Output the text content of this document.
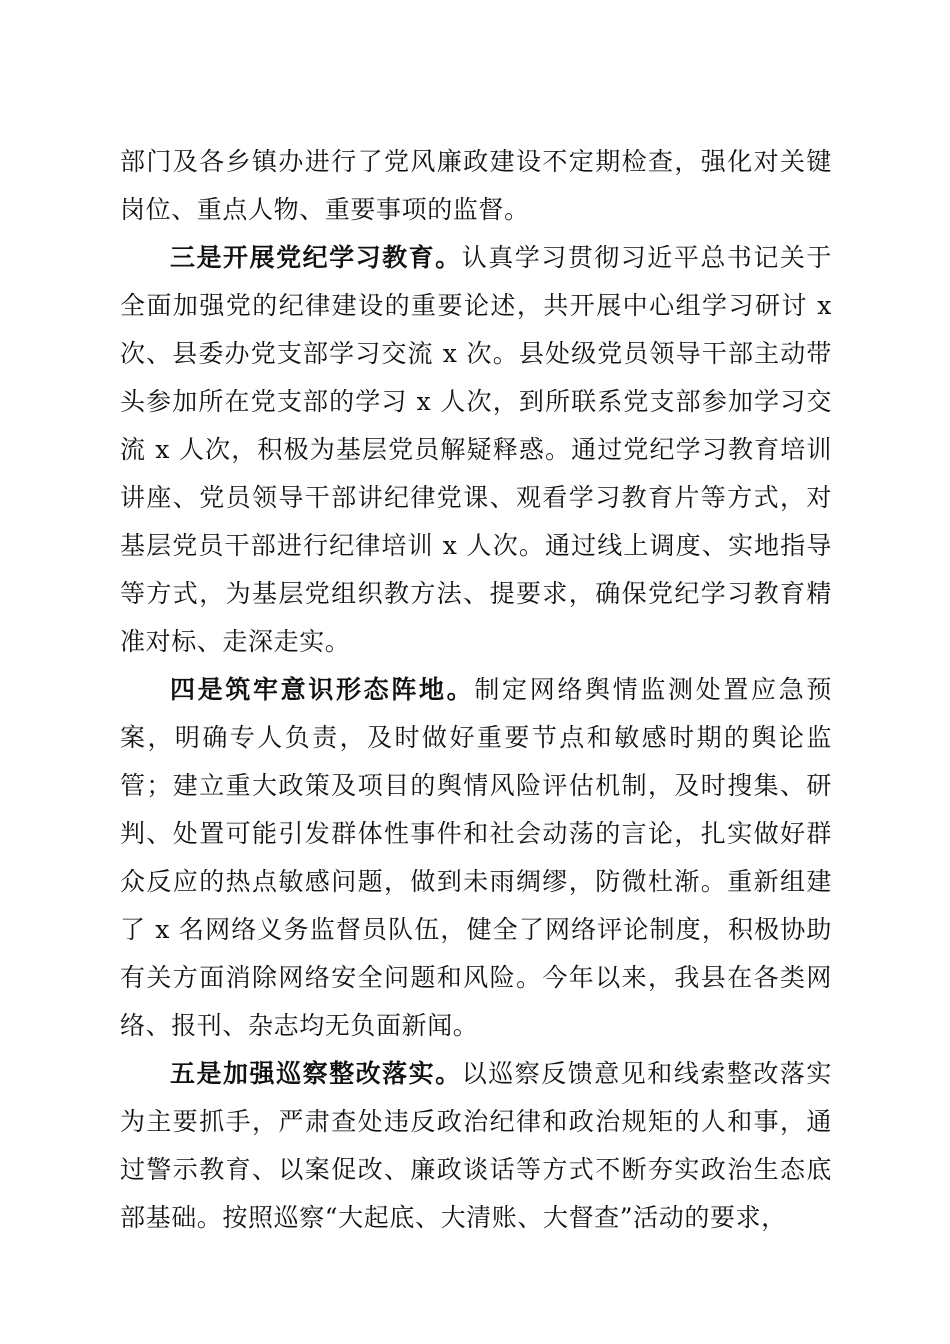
部门及各乡镇办进行了党风廉政建设不定期检查，强化对关键岗位、重点人物、重要事项的监督。

三是开展党纪学习教育。认真学习贯彻习近平总书记关于全面加强党的纪律建设的重要论述，共开展中心组学习研讨 x 次、县委办党支部学习交流 x 次。县处级党员领导干部主动带头参加所在党支部的学习 x 人次，到所联系党支部参加学习交流 x 人次，积极为基层党员解疑释惑。通过党纪学习教育培训讲座、党员领导干部讲纪律党课、观看学习教育片等方式，对基层党员干部进行纪律培训 x 人次。通过线上调度、实地指导等方式，为基层党组织教方法、提要求，确保党纪学习教育精准对标、走深走实。

四是筑牢意识形态阵地。制定网络舆情监测处置应急预案，明确专人负责，及时做好重要节点和敏感时期的舆论监管；建立重大政策及项目的舆情风险评估机制，及时搜集、研判、处置可能引发群体性事件和社会动荡的言论，扎实做好群众反应的热点敏感问题，做到未雨绸缪，防微杜渐。重新组建了 x 名网络义务监督员队伍，健全了网络评论制度，积极协助有关方面消除网络安全问题和风险。今年以来，我县在各类网络、报刊、杂志均无负面新闻。

五是加强巡察整改落实。以巡察反馈意见和线索整改落实为主要抓手，严肃查处违反政治纪律和政治规矩的人和事，通过警示教育、以案促改、廉政谈话等方式不断夯实政治生态底部基础。按照巡察“大起底、大清账、大督查”活动的要求，
